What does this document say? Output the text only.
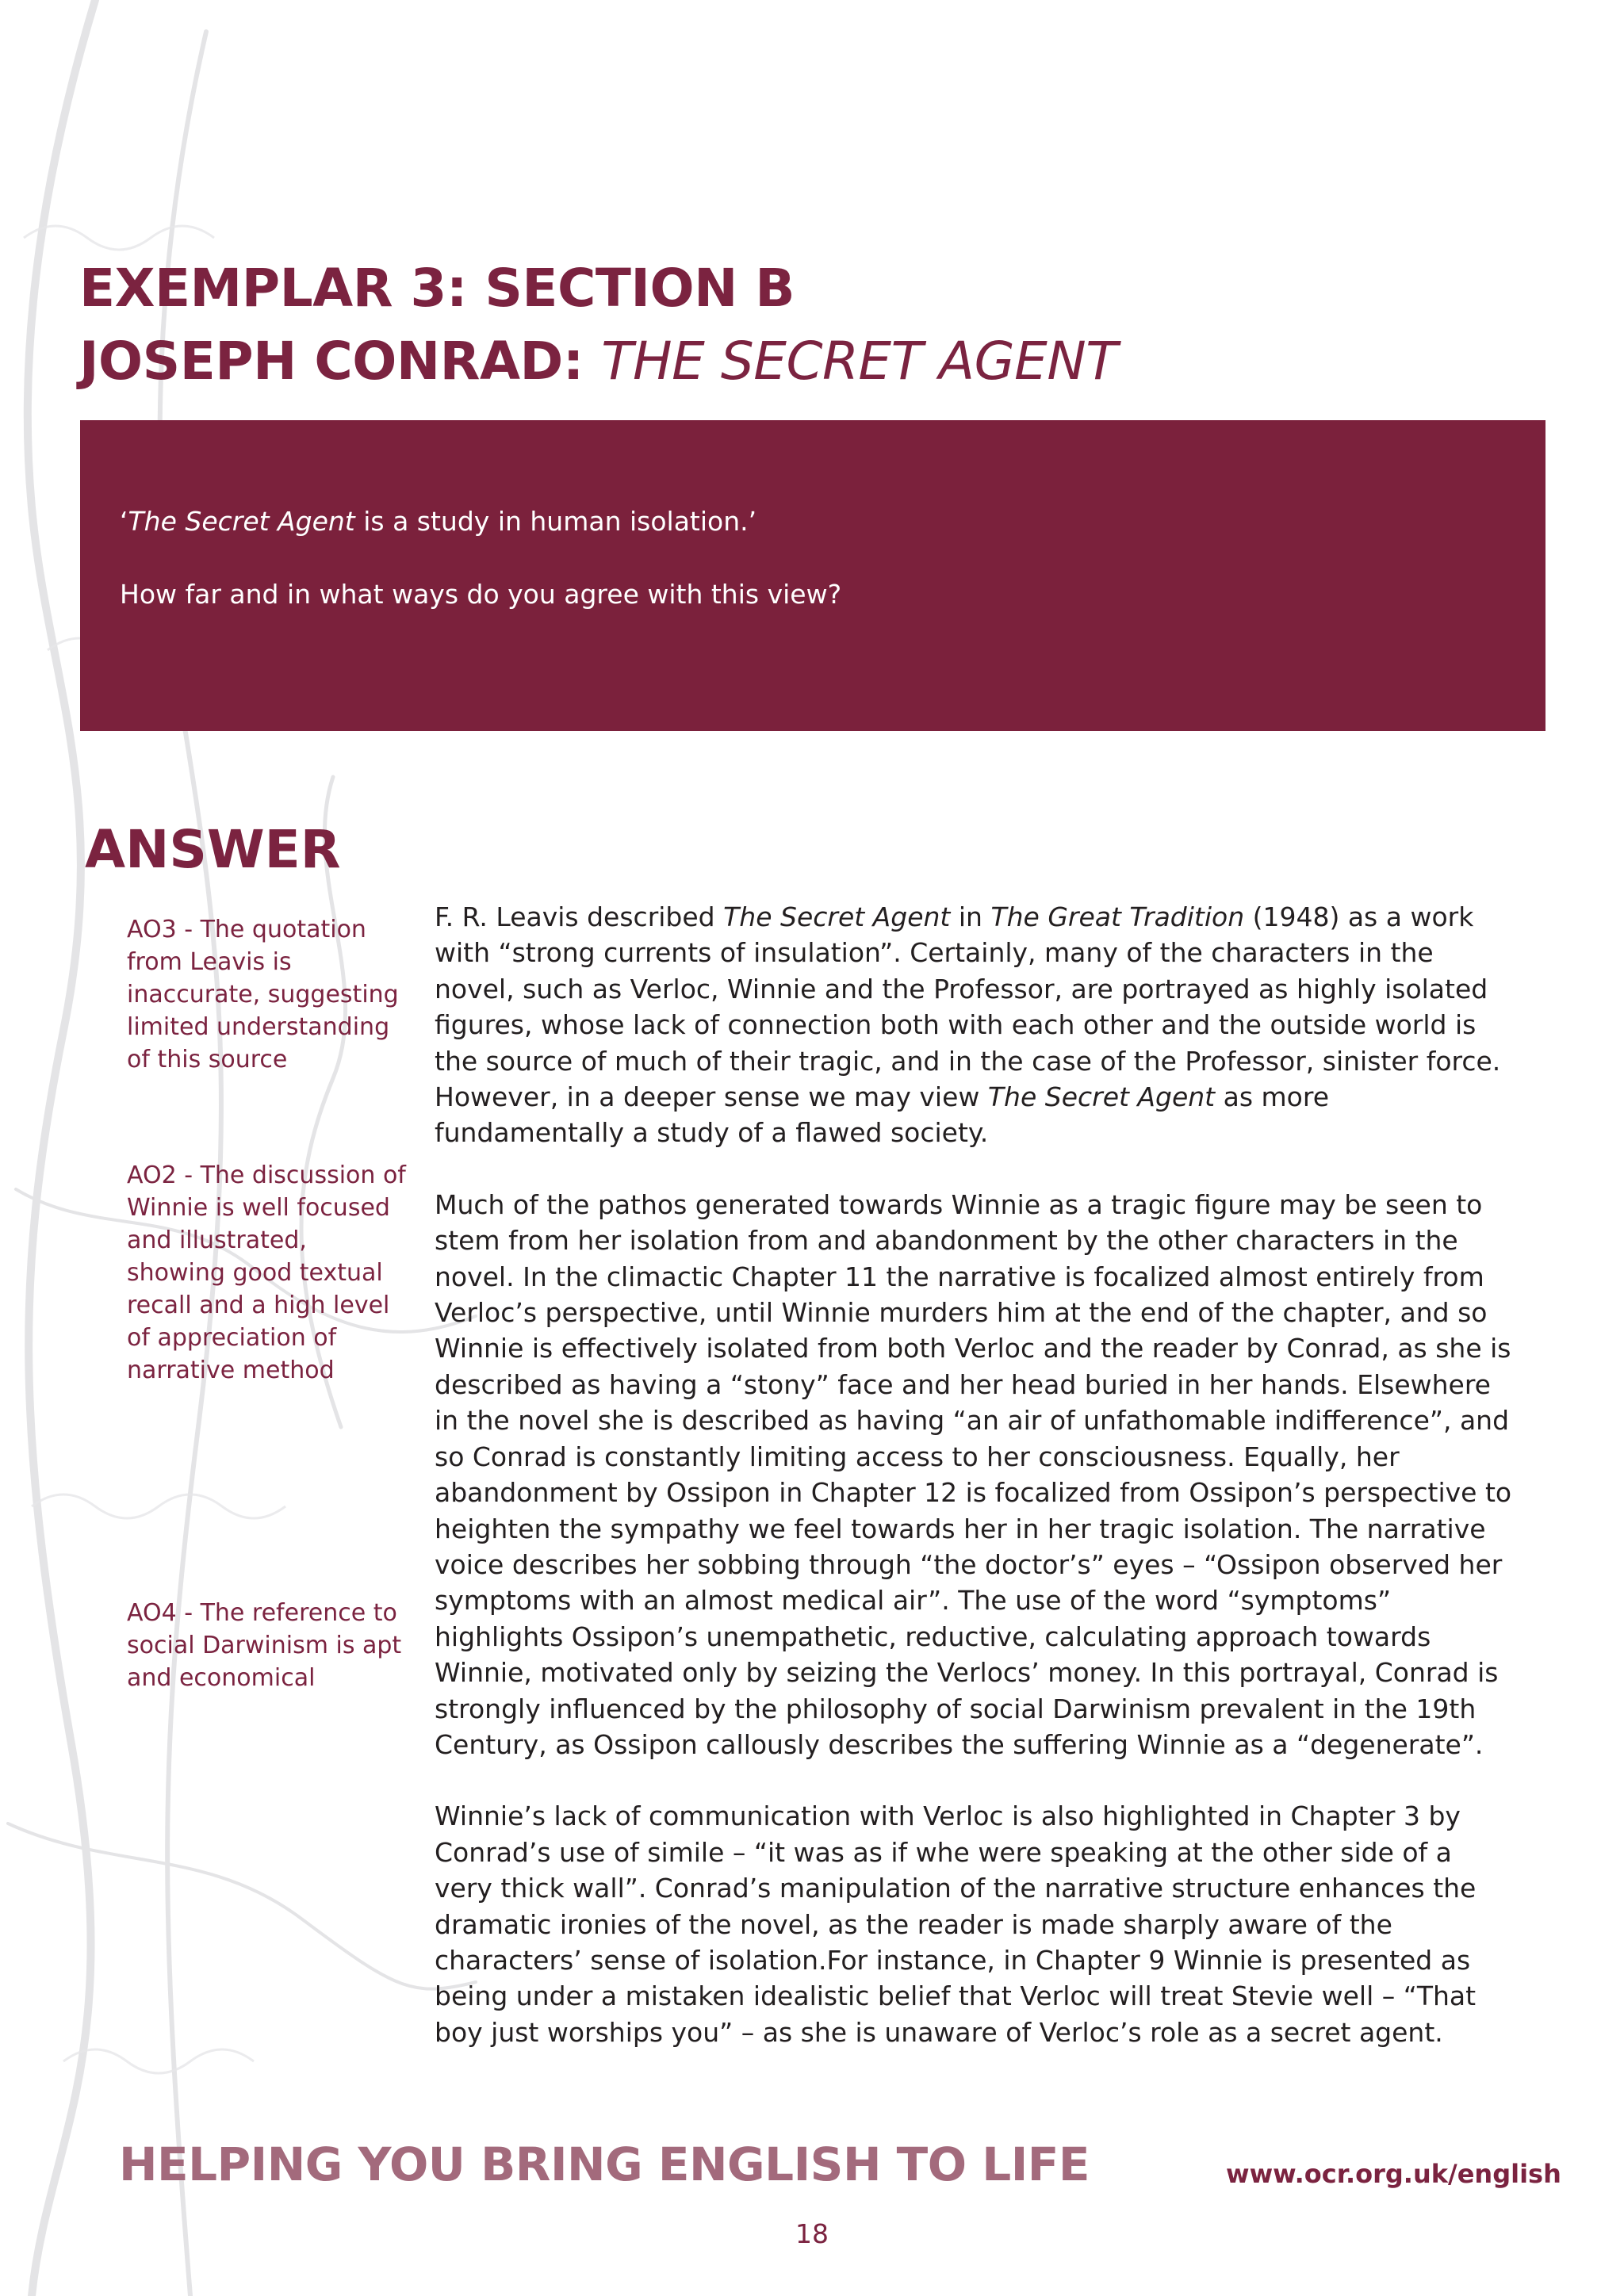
EXEMPLAR 3: SECTION B
JOSEPH CONRAD: THE SECRET AGENT

‘The Secret Agent is a study in human isolation.’

How far and in what ways do you agree with this view?

ANSWER

AO3 - The quotation from Leavis is inaccurate, suggesting limited understanding of this source

AO2 - The discussion of Winnie is well focused and illustrated, showing good textual recall and a high level of appreciation of narrative method

AO4 - The reference to social Darwinism is apt and economical

F. R. Leavis described The Secret Agent in The Great Tradition (1948) as a work with “strong currents of insulation”. Certainly, many of the characters in the novel, such as Verloc, Winnie and the Professor, are portrayed as highly isolated figures, whose lack of connection both with each other and the outside world is the source of much of their tragic, and in the case of the Professor, sinister force. However, in a deeper sense we may view The Secret Agent as more fundamentally a study of a flawed society.

Much of the pathos generated towards Winnie as a tragic figure may be seen to stem from her isolation from and abandonment by the other characters in the novel. In the climactic Chapter 11 the narrative is focalized almost entirely from Verloc’s perspective, until Winnie murders him at the end of the chapter, and so Winnie is effectively isolated from both Verloc and the reader by Conrad, as she is described as having a “stony” face and her head buried in her hands. Elsewhere in the novel she is described as having “an air of unfathomable indifference”, and so Conrad is constantly limiting access to her consciousness. Equally, her abandonment by Ossipon in Chapter 12 is focalized from Ossipon’s perspective to heighten the sympathy we feel towards her in her tragic isolation. The narrative voice describes her sobbing through “the doctor’s” eyes – “Ossipon observed her symptoms with an almost medical air”. The use of the word “symptoms” highlights Ossipon’s unempathetic, reductive, calculating approach towards Winnie, motivated only by seizing the Verlocs’ money. In this portrayal, Conrad is strongly influenced by the philosophy of social Darwinism prevalent in the 19th Century, as Ossipon callously describes the suffering Winnie as a “degenerate”.

Winnie’s lack of communication with Verloc is also highlighted in Chapter 3 by Conrad’s use of simile – “it was as if whe were speaking at the other side of a very thick wall”. Conrad’s manipulation of the narrative structure enhances the dramatic ironies of the novel, as the reader is made sharply aware of the characters’ sense of isolation.For instance, in Chapter 9 Winnie is presented as being under a mistaken idealistic belief that Verloc will treat Stevie well – “That boy just worships you” – as she is unaware of Verloc’s role as a secret agent.

HELPING YOU BRING ENGLISH TO LIFE	www.ocr.org.uk/english
18
